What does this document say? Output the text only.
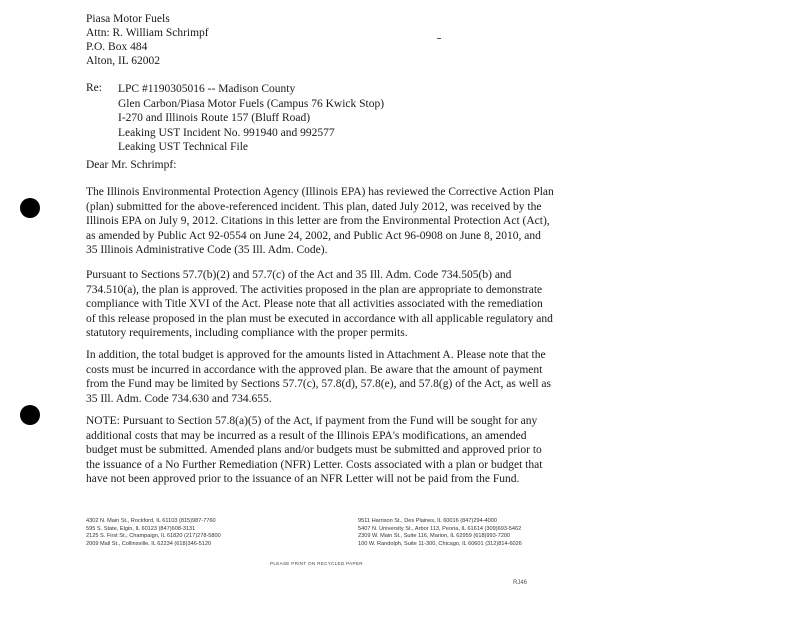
Piasa Motor Fuels
Attn: R. William Schrimpf
P.O. Box 484
Alton, IL 62002
Re: LPC #1190305016 -- Madison County
Glen Carbon/Piasa Motor Fuels (Campus 76 Kwick Stop)
I-270 and Illinois Route 157 (Bluff Road)
Leaking UST Incident No. 991940 and 992577
Leaking UST Technical File
Dear Mr. Schrimpf:

The Illinois Environmental Protection Agency (Illinois EPA) has reviewed the Corrective Action Plan
(plan) submitted for the above-referenced incident. This plan, dated July 2012, was received by the
Illinois EPA on July 9, 2012. Citations in this letter are from the Environmental Protection Act (Act),
as amended by Public Act 92-0554 on June 24, 2002, and Public Act 96-0908 on June 8, 2010, and
35 Illinois Administrative Code (35 Ill. Adm. Code).

Pursuant to Sections 57.7(b)(2) and 57.7(c) of the Act and 35 Ill. Adm. Code 734.505(b) and
734.510(a), the plan is approved. The activities proposed in the plan are appropriate to demonstrate
compliance with Title XVI of the Act. Please note that all activities associated with the remediation
of this release proposed in the plan must be executed in accordance with all applicable regulatory and
statutory requirements, including compliance with the proper permits.

In addition, the total budget is approved for the amounts listed in Attachment A. Please note that the
costs must be incurred in accordance with the approved plan. Be aware that the amount of payment
from the Fund may be limited by Sections 57.7(c), 57.8(d), 57.8(e), and 57.8(g) of the Act, as well as
35 Ill. Adm. Code 734.630 and 734.655.

NOTE: Pursuant to Section 57.8(a)(5) of the Act, if payment from the Fund will be sought for any
additional costs that may be incurred as a result of the Illinois EPA's modifications, an amended
budget must be submitted. Amended plans and/or budgets must be submitted and approved prior to
the issuance of a No Further Remediation (NFR) Letter. Costs associated with a plan or budget that
have not been approved prior to the issuance of an NFR Letter will not be paid from the Fund.

4302 N. Main St., Rockford, IL 61103 (815)987-7760
595 S. State, Elgin, IL 60123 (847)608-3131
2125 S. First St., Champaign, IL 61820 (217)278-5800
2009 Mall St., Collinsville, IL 62234 (618)346-5120
9511 Harrison St., Des Plaines, IL 60016 (847)294-4000
5407 N. University St., Arbor 113, Peoria, IL 61614 (309)693-5462
2309 W. Main St., Suite 116, Marion, IL 62959 (618)993-7200
100 W. Randolph, Suite 11-300, Chicago, IL 60601 (312)814-6026
PLEASE PRINT ON RECYCLED PAPER
RJ46
